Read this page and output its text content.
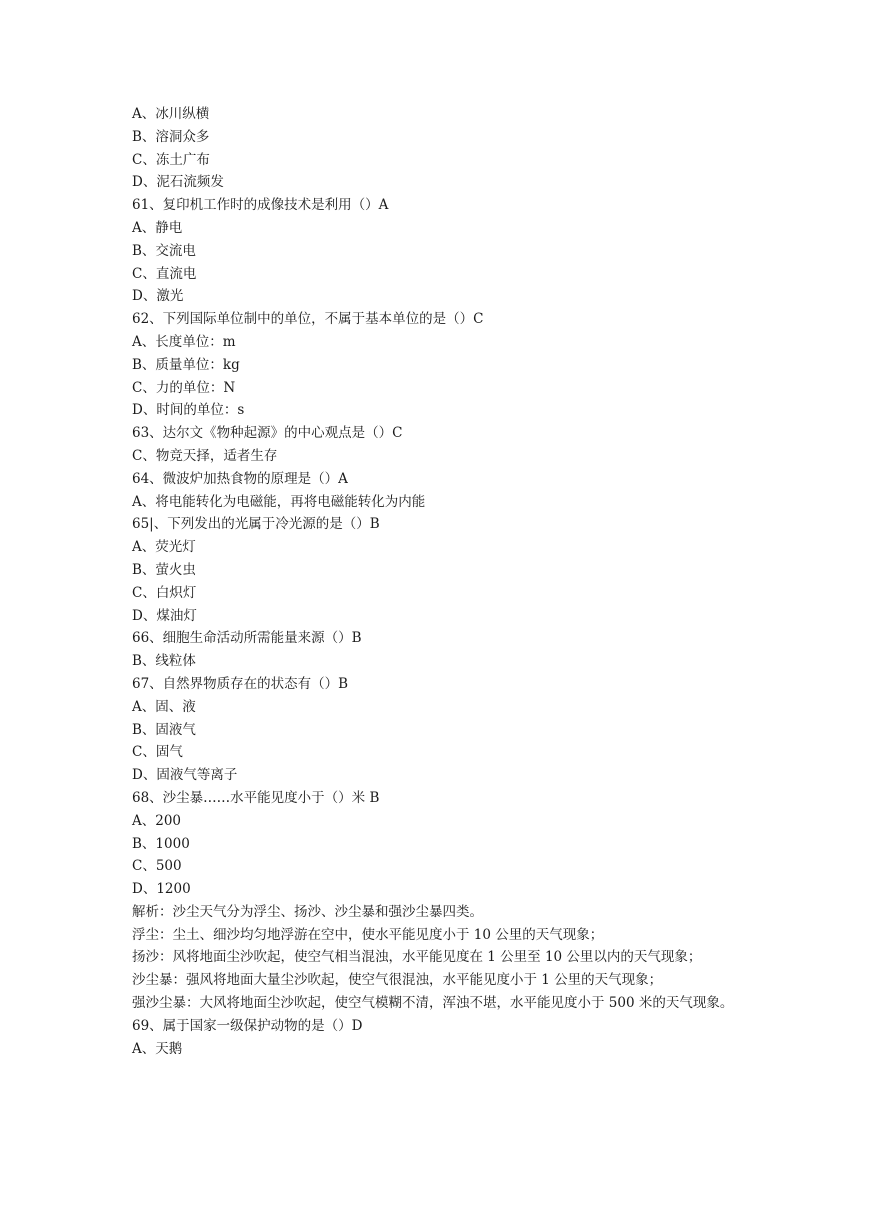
A、冰川纵横
B、溶洞众多
C、冻土广布
D、泥石流频发
61、复印机工作时的成像技术是利用（）A
A、静电
B、交流电
C、直流电
D、激光
62、下列国际单位制中的单位，不属于基本单位的是（）C
A、长度单位：m
B、质量单位：kg
C、力的单位：N
D、时间的单位：s
63、达尔文《物种起源》的中心观点是（）C
C、物竞天择，适者生存
64、微波炉加热食物的原理是（）A
A、将电能转化为电磁能，再将电磁能转化为内能
65|、下列发出的光属于冷光源的是（）B
A、荧光灯
B、萤火虫
C、白炽灯
D、煤油灯
66、细胞生命活动所需能量来源（）B
B、线粒体
67、自然界物质存在的状态有（）B
A、固、液
B、固液气
C、固气
D、固液气等离子
68、沙尘暴……水平能见度小于（）米 B
A、200
B、1000
C、500
D、1200
解析：沙尘天气分为浮尘、扬沙、沙尘暴和强沙尘暴四类。
浮尘：尘土、细沙均匀地浮游在空中，使水平能见度小于 10 公里的天气现象；
扬沙：风将地面尘沙吹起，使空气相当混浊，水平能见度在 1 公里至 10 公里以内的天气现象；
沙尘暴：强风将地面大量尘沙吹起，使空气很混浊，水平能见度小于 1 公里的天气现象；
强沙尘暴：大风将地面尘沙吹起，使空气模糊不清，浑浊不堪，水平能见度小于 500 米的天气现象。
69、属于国家一级保护动物的是（）D
A、天鹅
